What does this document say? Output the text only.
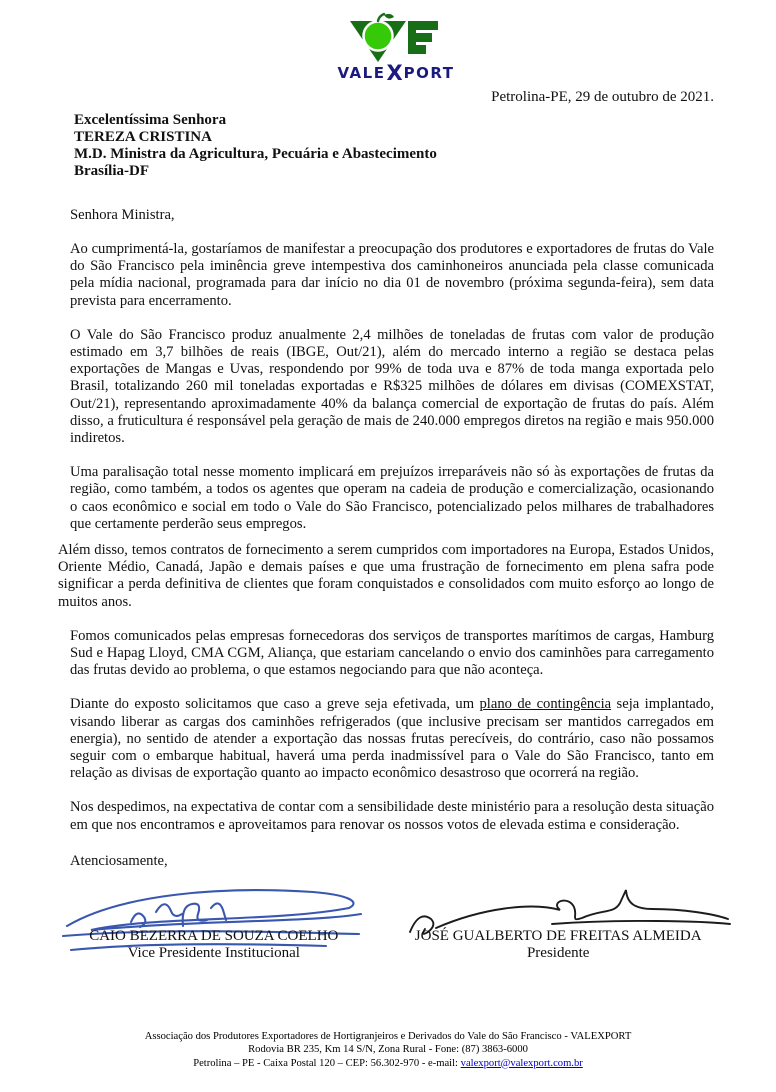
VALE X PORT
Petrolina-PE, 29 de outubro de 2021.
Excelentíssima Senhora
TEREZA CRISTINA
M.D. Ministra da Agricultura, Pecuária e Abastecimento
Brasília-DF
Senhora Ministra,

Ao cumprimentá-la, gostaríamos de manifestar a preocupação dos produtores e exportadores de frutas do Vale do São Francisco pela iminência greve intempestiva dos caminhoneiros anunciada pela classe comunicada pela mídia nacional, programada para dar início no dia 01 de novembro (próxima segunda-feira), sem data prevista para encerramento.

O Vale do São Francisco produz anualmente 2,4 milhões de toneladas de frutas com valor de produção estimado em 3,7 bilhões de reais (IBGE, Out/21), além do mercado interno a região se destaca pelas exportações de Mangas e Uvas, respondendo por 99% de toda uva e 87% de toda manga exportada pelo Brasil, totalizando 260 mil toneladas exportadas e R$325 milhões de dólares em divisas (COMEXSTAT, Out/21), representando aproximadamente 40% da balança comercial de exportação de frutas do país. Além disso, a fruticultura é responsável pela geração de mais de 240.000 empregos diretos na região e mais 950.000 indiretos.

Uma paralisação total nesse momento implicará em prejuízos irreparáveis não só às exportações de frutas da região, como também, a todos os agentes que operam na cadeia de produção e comercialização, ocasionando o caos econômico e social em todo o Vale do São Francisco, potencializado pelos milhares de trabalhadores que certamente perderão seus empregos.

Além disso, temos contratos de fornecimento a serem cumpridos com importadores na Europa, Estados Unidos, Oriente Médio, Canadá, Japão e demais países e que uma frustração de fornecimento em plena safra pode significar a perda definitiva de clientes que foram conquistados e consolidados com muito esforço ao longo de muitos anos.

Fomos comunicados pelas empresas fornecedoras dos serviços de transportes marítimos de cargas, Hamburg Sud e Hapag Lloyd, CMA CGM, Aliança, que estariam cancelando o envio dos caminhões para carregamento das frutas devido ao problema, o que estamos negociando para que não aconteça.

Diante do exposto solicitamos que caso a greve seja efetivada, um plano de contingência seja implantado, visando liberar as cargas dos caminhões refrigerados (que inclusive precisam ser mantidos carregados em energia), no sentido de atender a exportação das nossas frutas perecíveis, do contrário, caso não possamos seguir com o embarque habitual, haverá uma perda inadmissível para o Vale do São Francisco, tanto em relação as divisas de exportação quanto ao impacto econômico desastroso que ocorrerá na região.

Nos despedimos, na expectativa de contar com a sensibilidade deste ministério para a resolução desta situação em que nos encontramos e aproveitamos para renovar os nossos votos de elevada estima e consideração.

Atenciosamente,
CAIO BEZERRA DE SOUZA COELHO
Vice Presidente Institucional
JOSÉ GUALBERTO DE FREITAS ALMEIDA
Presidente
Associação dos Produtores Exportadores de Hortigranjeiros e Derivados do Vale do São Francisco - VALEXPORT
Rodovia BR 235, Km 14 S/N, Zona Rural - Fone: (87) 3863-6000
Petrolina – PE - Caixa Postal 120 – CEP: 56.302-970 - e-mail: valexport@valexport.com.br
